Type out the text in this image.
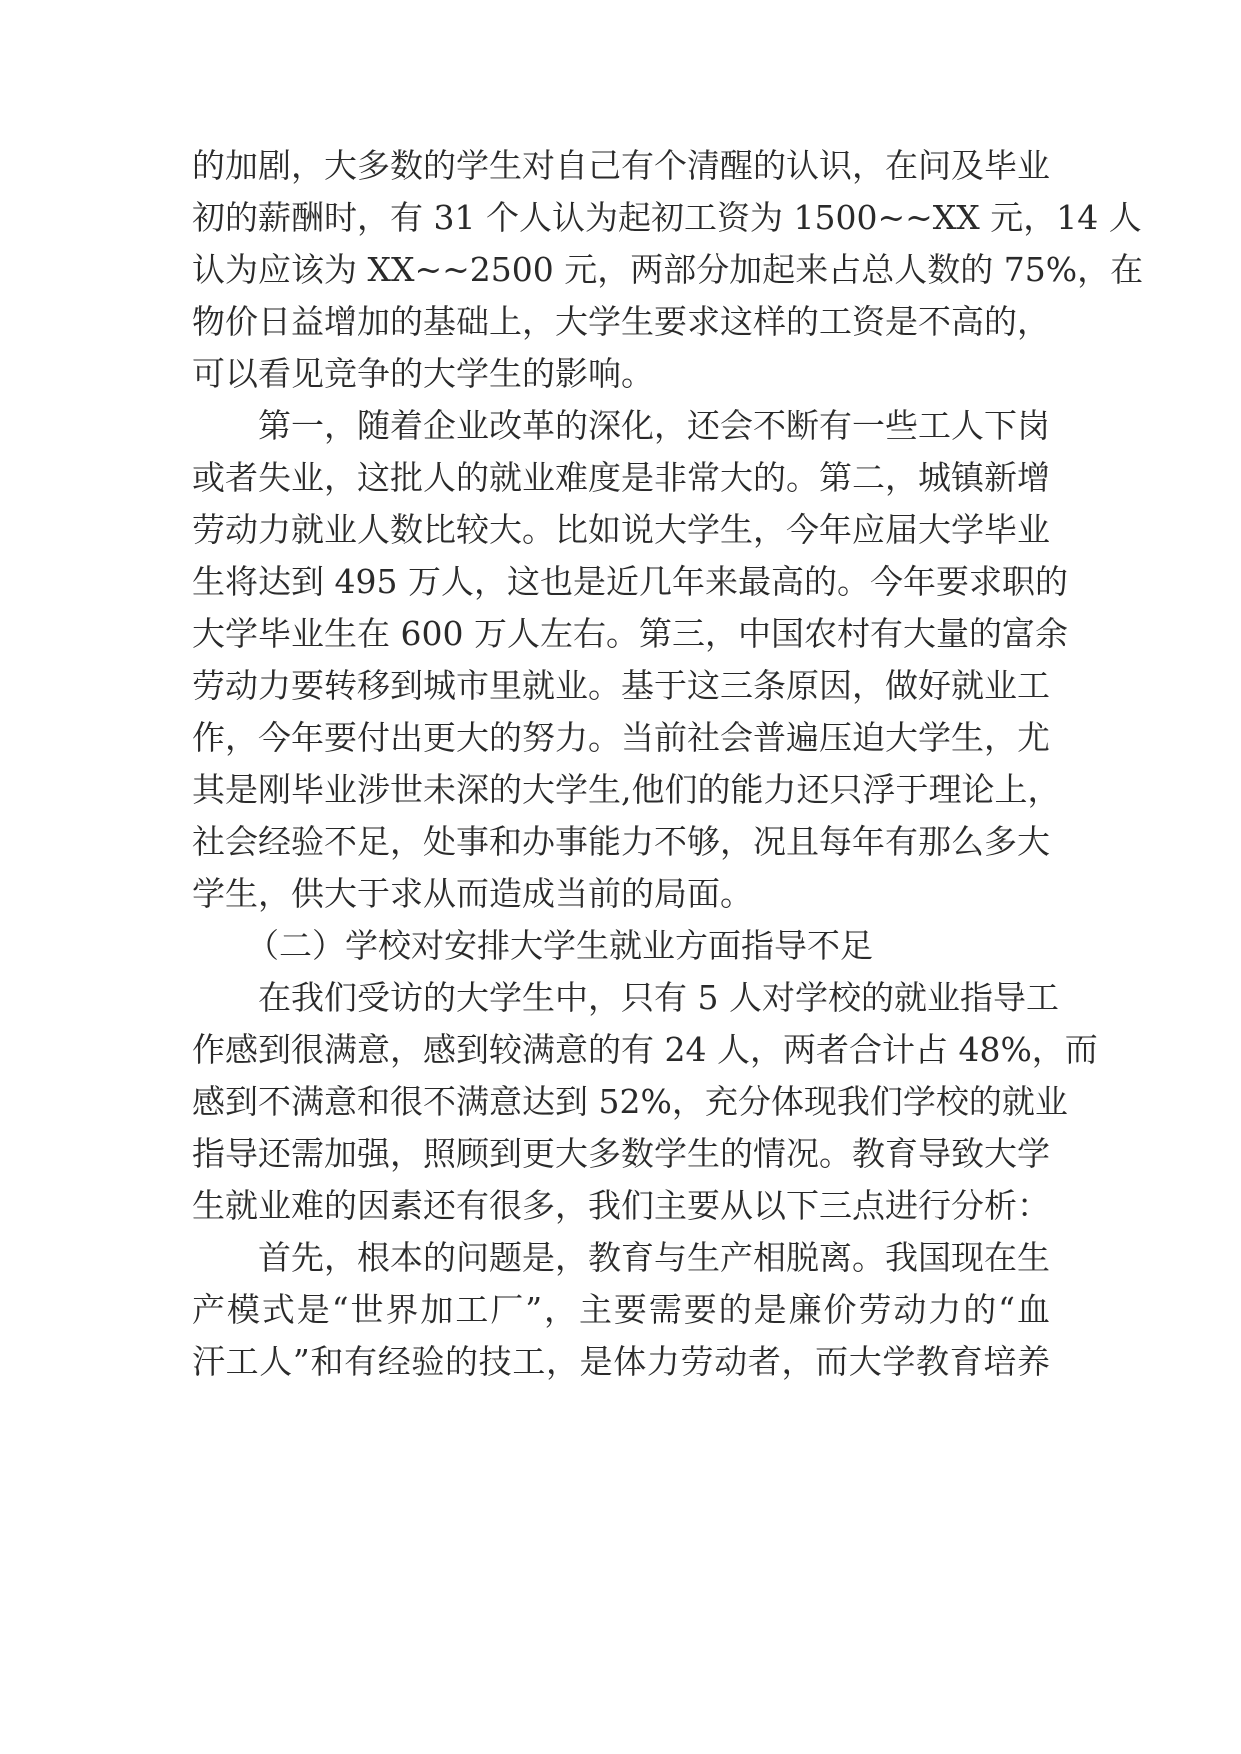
的加剧，大多数的学生对自己有个清醒的认识，在问及毕业
初的薪酬时，有 31 个人认为起初工资为 1500~~XX 元，14 人
认为应该为 XX~~2500 元，两部分加起来占总人数的 75%，在
物价日益增加的基础上，大学生要求这样的工资是不高的，
可以看见竞争的大学生的影响。
第一，随着企业改革的深化，还会不断有一些工人下岗
或者失业，这批人的就业难度是非常大的。第二，城镇新增
劳动力就业人数比较大。比如说大学生，今年应届大学毕业
生将达到 495 万人，这也是近几年来最高的。今年要求职的
大学毕业生在 600 万人左右。第三，中国农村有大量的富余
劳动力要转移到城市里就业。基于这三条原因，做好就业工
作，今年要付出更大的努力。当前社会普遍压迫大学生，尤
其是刚毕业涉世未深的大学生,他们的能力还只浮于理论上，
社会经验不足，处事和办事能力不够，况且每年有那么多大
学生，供大于求从而造成当前的局面。
（二）学校对安排大学生就业方面指导不足
在我们受访的大学生中，只有 5 人对学校的就业指导工
作感到很满意，感到较满意的有 24 人，两者合计占 48%，而
感到不满意和很不满意达到 52%，充分体现我们学校的就业
指导还需加强，照顾到更大多数学生的情况。教育导致大学
生就业难的因素还有很多，我们主要从以下三点进行分析：
首先，根本的问题是，教育与生产相脱离。我国现在生
产模式是“世界加工厂”，主要需要的是廉价劳动力的“血
汗工人”和有经验的技工，是体力劳动者，而大学教育培养
